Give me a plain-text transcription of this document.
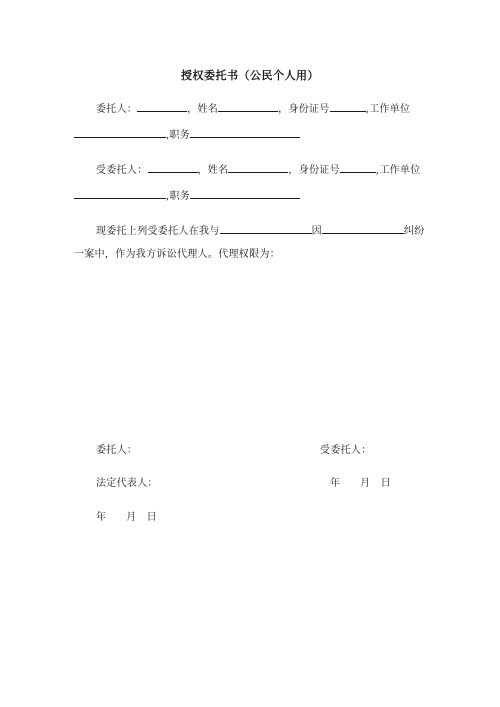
授权委托书（公民个人用）
委托人：	，姓名	，身份证号	,工作单位
,职务
受委托人：	，姓名	，身份证号	,工作单位
,职务
现委托上列受委托人在我与	因	纠纷
一案中，作为我方诉讼代理人。代理权限为：
委托人：	受委托人：
法定代表人：	年　 月　日
年　 月　日
